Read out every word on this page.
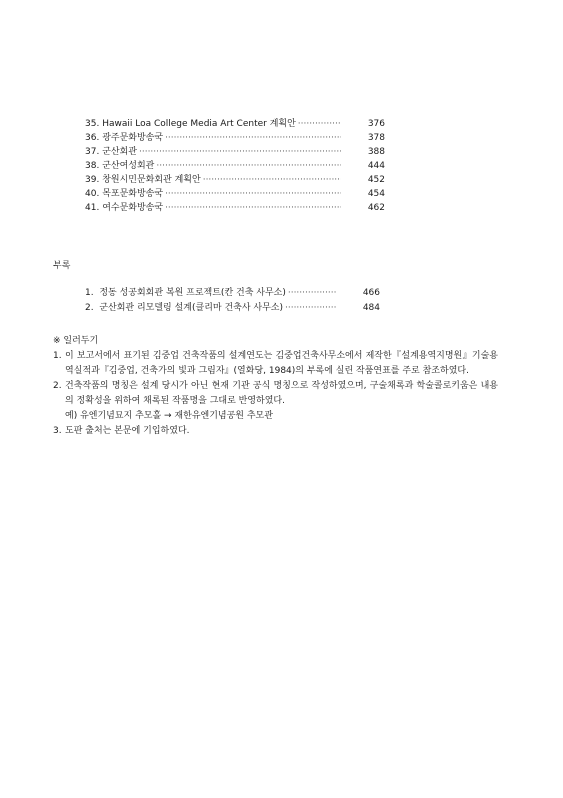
35. Hawaii Loa College Media Art Center 계획안 ·····	376
36. 광주문화방송국 ·····	378
37. 군산회관 ·····	388
38. 군산여성회관 ·····	444
39. 창원시민문화회관 계획안 ·····	452
40. 목포문화방송국 ·····	454
41. 여수문화방송국 ·····	462
부록
1. 정동 성공회회관 복원 프로젝트(칸 건축 사무소) ·····	466
2. 군산회관 리모델링 설계(클리마 건축사 사무소) ·····	484
※ 일러두기
1. 이 보고서에서 표기된 김중업 건축작품의 설계연도는 김중업건축사무소에서 제작한『설계용역지명원』기술용역실적과『김중업, 건축가의 빛과 그림자』(열화당, 1984)의 부록에 실린 작품연표를 주로 참조하였다.
2. 건축작품의 명칭은 설계 당시가 아닌 현재 기관 공식 명칭으로 작성하였으며, 구술채록과 학술콜로키움은 내용의 정확성을 위하여 채록된 작품명을 그대로 반영하였다.
예) 유엔기념묘지 추모홀 → 재한유엔기념공원 추모관
3. 도판 출처는 본문에 기입하였다.
